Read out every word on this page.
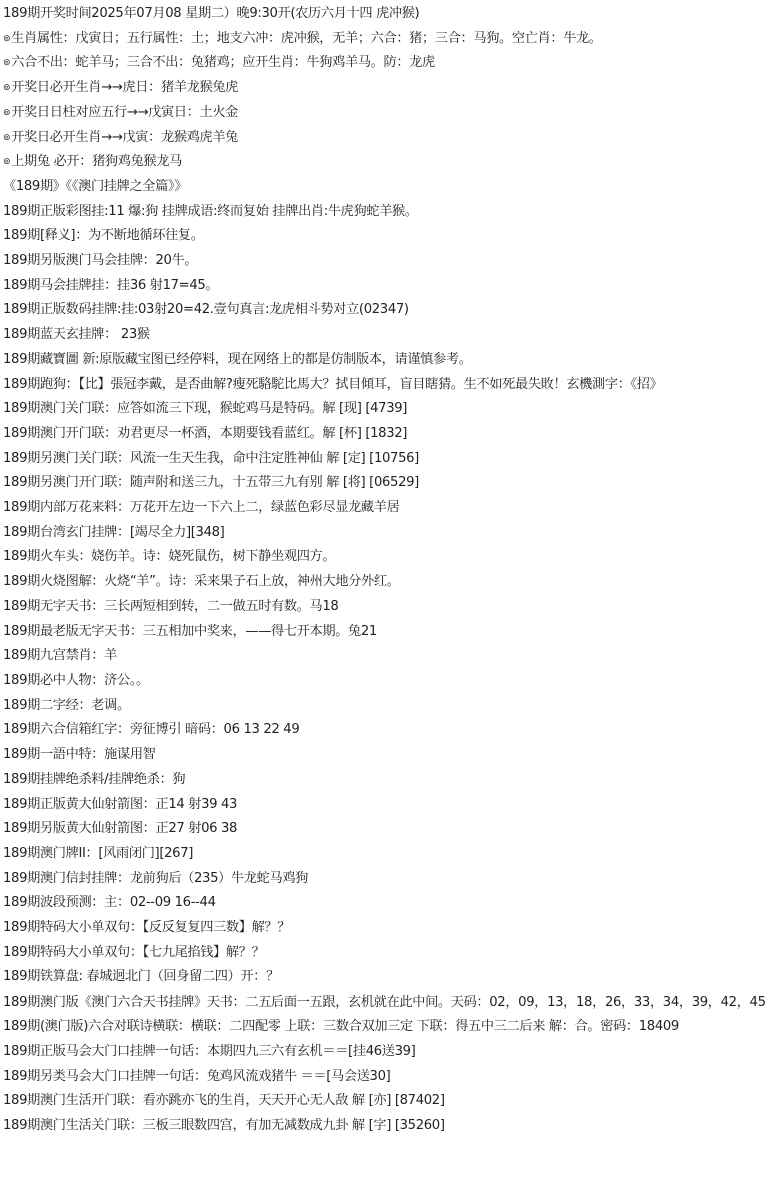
189期开奖时间2025年07月08 星期二）晚9:30开(农历六月十四 虎冲猴)
⊚生肖属性：戊寅日；五行属性：土；地支六冲：虎冲猴，无羊；六合：猪；三合：马狗。空亡肖：牛龙。
⊚六合不出：蛇羊马；三合不出：兔猪鸡；应开生肖：牛狗鸡羊马。防：龙虎
⊚开奖日必开生肖→→虎日：猪羊龙猴兔虎
⊚开奖日日柱对应五行→→戊寅日：土火金
⊚开奖日必开生肖→→戊寅：龙猴鸡虎羊兔
⊚上期兔 必开：猪狗鸡兔猴龙马
《189期》《《澳门挂牌之全篇》》
189期正版彩图挂:11 爆:狗 挂牌成语:终而复始 挂牌出肖:牛虎狗蛇羊猴。
189期[释义]：为不断地循环往复。
189期另版澳门马会挂牌：20牛。
189期马会挂牌挂：挂36 射17=45。
189期正版数码挂牌:挂:03射20=42.壹句真言:龙虎相斗势对立(02347)
189期蓝天玄挂牌： 23猴
189期藏寶圖 新:原版藏宝图已经停料，现在网络上的都是仿制版本，请谨慎参考。
189期跑狗：【比】張冠李戴，是否曲解?瘦死駱駝比馬大？拭目傾耳，盲目瞎猜。生不如死最失敗！玄機測字：《招》
189期澳门关门联：应答如流三下现，猴蛇鸡马是特码。解 [现] [4739]
189期澳门开门联：劝君更尽一杯酒，本期要钱看蓝红。解 [杯] [1832]
189期另澳门关门联：风流一生天生我，命中注定胜神仙 解 [定] [10756]
189期另澳门开门联：随声附和送三九，十五带三九有别 解 [将] [06529]
189期内部万花来料：万花开左边一下六上二，绿蓝色彩尽显龙藏羊居
189期台湾玄门挂牌：[竭尽全力][348]
189期火车头：娆伤羊。诗：娆死鼠伤，树下静坐观四方。
189期火烧图解：火烧“羊”。诗：采来果子石上放，神州大地分外红。
189期无字天书：三长两短相到转，二一做五时有数。马18
189期最老版无字天书：三五相加中奖来，——得七开本期。兔21
189期九宫禁肖：羊
189期必中人物：济公。。
189期二字经：老调。
189期六合信箱红字：旁征博引 暗码：06 13 22 49
189期一語中特：施谋用智
189期挂牌绝杀料/挂牌绝杀：狗
189期正版黄大仙射箭图：正14 射39 43
189期另版黄大仙射箭图：正27 射06 38
189期澳门牌II：[风雨闭门][267]
189期澳门信封挂牌：龙前狗后（235）牛龙蛇马鸡狗
189期波段预测：主：02--09 16--44
189期特码大小单双句：【反反复复四三数】解？？
189期特码大小单双句：【七九尾掐钱】解？？
189期铁算盘: 春城迥北门（回身留二四）开：？
189期澳门版《澳门六合天书挂牌》天书：二五后面一五跟，玄机就在此中间。天码：02，09，13，18，26，33，34，39，42，45
189期(澳门版)六合对联诗横联：横联：二四配零 上联：三数合双加三定 下联：得五中三二后来 解：合。密码：18409
189期正版马会大门口挂牌一句话：本期四九三六有玄机＝＝[挂46送39]
189期另类马会大门口挂牌一句话：兔鸡风流戏猪牛 ＝＝[马会送30]
189期澳门生活开门联：看亦跳亦飞的生肖，天天开心无人敌 解 [亦] [87402]
189期澳门生活关门联：三板三眼数四宫，有加无减数成九卦 解 [字] [35260]
